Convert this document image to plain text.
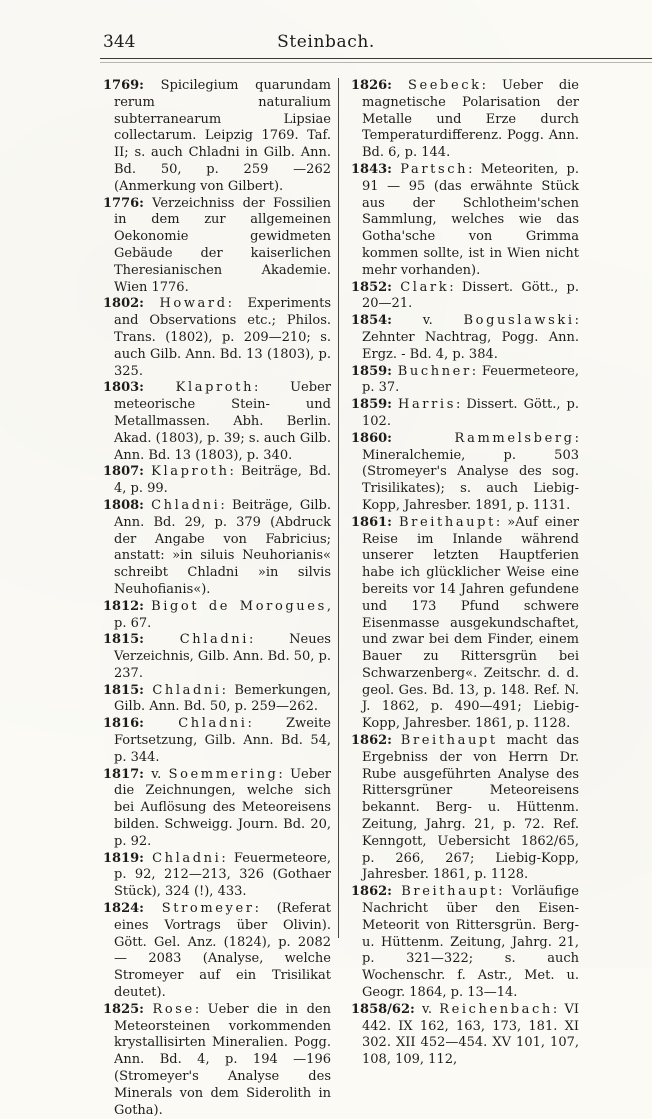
344	Steinbach.

1769: Spicilegium quarundam rerum naturalium subterranearum Lipsiae collectarum. Leipzig 1769. Taf. II; s. auch Chladni in Gilb. Ann. Bd. 50, p. 259 —262 (Anmerkung von Gilbert).

1776: Verzeichniss der Fossilien in dem zur allgemeinen Oekonomie gewidmeten Gebäude der kaiserlichen Theresianischen Akademie. Wien 1776.

1802: Howard: Experiments and Observations etc.; Philos. Trans. (1802), p. 209—210; s. auch Gilb. Ann. Bd. 13 (1803), p. 325.

1803: Klaproth: Ueber meteorische Stein- und Metallmassen. Abh. Berlin. Akad. (1803), p. 39; s. auch Gilb. Ann. Bd. 13 (1803), p. 340.

1807: Klaproth: Beiträge, Bd. 4, p. 99.

1808: Chladni: Beiträge, Gilb. Ann. Bd. 29, p. 379 (Abdruck der Angabe von Fabricius; anstatt: »in siluis Neuhorianis« schreibt Chladni »in silvis Neuhofianis«).

1812: Bigot de Morogues, p. 67.

1815:	Chladni: Neues Verzeichnis, Gilb. Ann. Bd. 50, p. 237.

1815: Chladni: Bemerkungen, Gilb. Ann. Bd. 50, p. 259—262.

1816:	Chladni: Zweite Fortsetzung, Gilb. Ann. Bd. 54, p. 344.

1817: v. Soemmering: Ueber die Zeichnungen, welche sich bei Auflösung des Meteoreisens bilden. Schweigg. Journ. Bd. 20, p. 92.

1819: Chladni: Feuermeteore, p. 92, 212—213, 326 (Gothaer Stück), 324 (!), 433.

1824: Stromeyer: (Referat eines Vortrags über Olivin). Gött. Gel. Anz. (1824), p. 2082 — 2083 (Analyse, welche Stromeyer auf ein Trisilikat deutet).

1825: Rose: Ueber die in den Meteorsteinen vorkommenden krystallisirten Mineralien. Pogg. Ann. Bd. 4, p. 194 —196 (Stromeyer's Analyse des Minerals von dem Siderolith in Gotha).

1826: Seebeck: Ueber die magnetische Polarisation der Metalle und Erze durch Temperaturdifferenz. Pogg. Ann. Bd. 6, p. 144.

1843: Partsch: Meteoriten, p. 91 — 95 (das erwähnte Stück aus der Schlotheim'schen Sammlung, welches wie das Gotha'sche von Grimma kommen sollte, ist in Wien nicht mehr vorhanden).

1852: Clark: Dissert. Gött., p. 20—21.

1854: v. Boguslawski: Zehnter Nachtrag, Pogg. Ann. Ergz. - Bd. 4, p. 384.

1859: Buchner: Feuermeteore, p. 37.

1859: Harris: Dissert. Gött., p. 102.

1860:	Rammelsberg: Mineralchemie, p. 503 (Stromeyer's Analyse des sog. Trisilikates); s. auch Liebig-Kopp, Jahresber. 1891, p. 1131.

1861: Breithaupt: »Auf einer Reise im Inlande während unserer letzten Hauptferien habe ich glücklicher Weise eine bereits vor 14 Jahren gefundene und 173 Pfund schwere Eisenmasse ausgekundschaftet, und zwar bei dem Finder, einem Bauer zu Rittersgrün bei Schwarzenberg«. Zeitschr. d. d. geol. Ges. Bd. 13, p. 148. Ref. N. J. 1862, p. 490—491; Liebig-Kopp, Jahresber. 1861, p. 1128.

1862: Breithaupt macht das Ergebniss der von Herrn Dr. Rube ausgeführten Analyse des Rittersgrüner Meteoreisens bekannt. Berg- u. Hüttenm. Zeitung, Jahrg. 21, p. 72. Ref. Kenngott, Uebersicht 1862/65, p. 266, 267; Liebig-Kopp, Jahresber. 1861, p. 1128.

1862: Breithaupt: Vorläufige Nachricht über den Eisen-Meteorit von Rittersgrün. Berg- u. Hüttenm. Zeitung, Jahrg. 21, p. 321—322; s. auch Wochenschr. f. Astr., Met. u. Geogr. 1864, p. 13—14.

1858/62: v. Reichenbach: VI 442. IX 162, 163, 173, 181. XI 302. XII 452—454. XV 101, 107, 108, 109, 112,
